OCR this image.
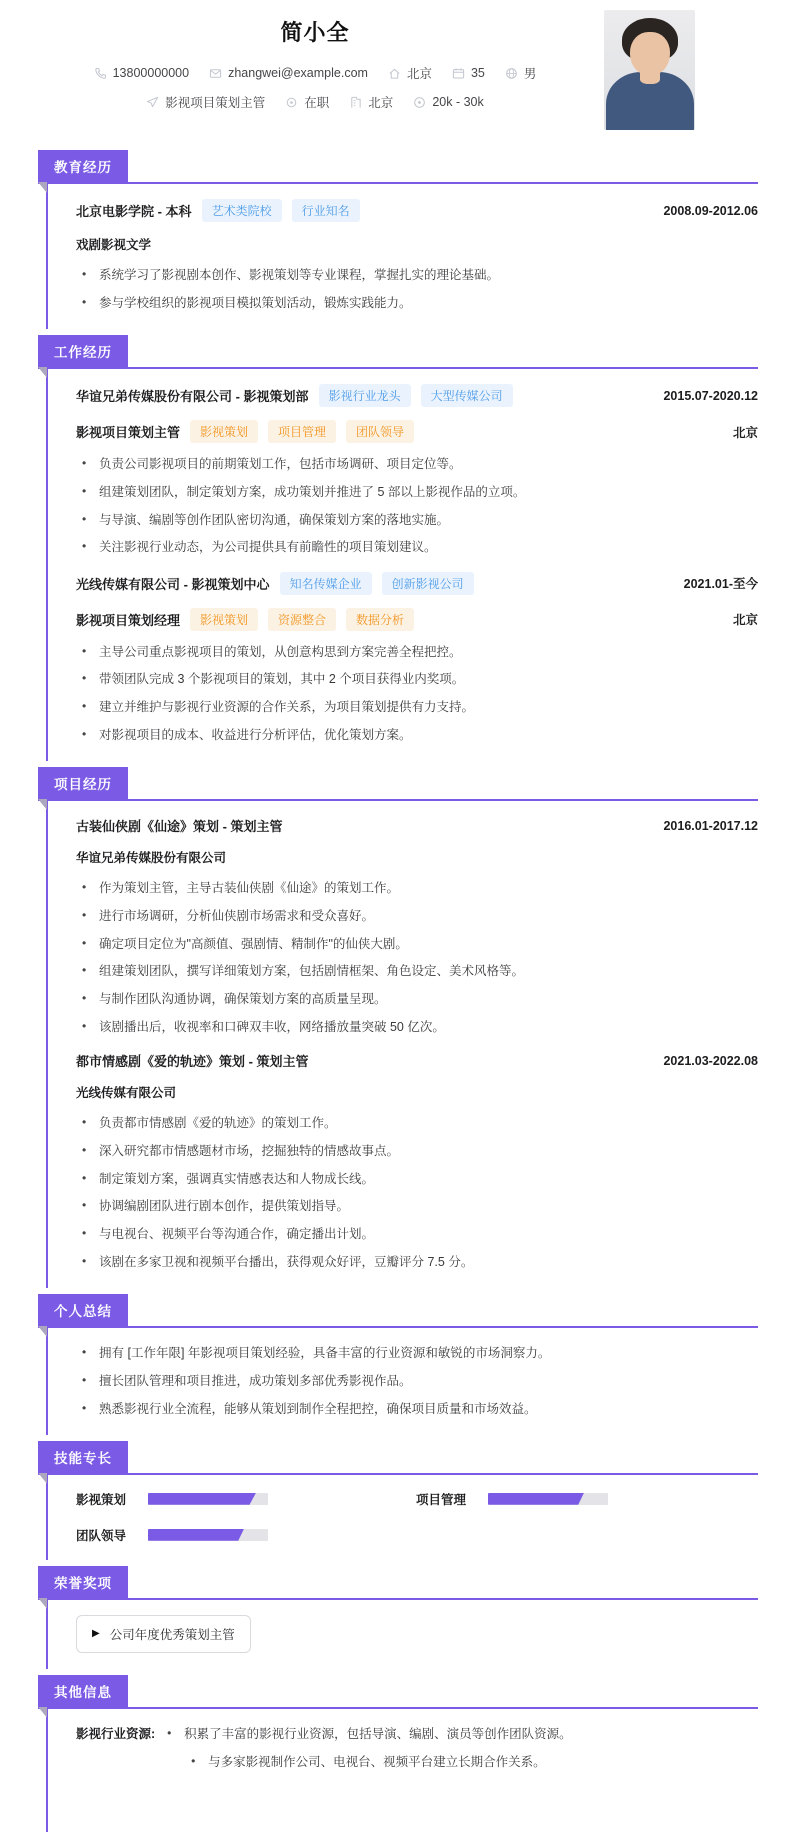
简小全
13800000000	zhangwei@example.com	北京	35	男
影视项目策划主管	在职	北京	20k - 30k
教育经历
北京电影学院 - 本科	艺术类院校	行业知名	2008.09-2012.06
戏剧影视文学
• 系统学习了影视剧本创作、影视策划等专业课程，掌握扎实的理论基础。
• 参与学校组织的影视项目模拟策划活动，锻炼实践能力。
工作经历
华谊兄弟传媒股份有限公司 - 影视策划部	影视行业龙头	大型传媒公司	2015.07-2020.12
影视项目策划主管	影视策划	项目管理	团队领导	北京
• 负责公司影视项目的前期策划工作，包括市场调研、项目定位等。
• 组建策划团队，制定策划方案，成功策划并推进了 5 部以上影视作品的立项。
• 与导演、编剧等创作团队密切沟通，确保策划方案的落地实施。
• 关注影视行业动态，为公司提供具有前瞻性的项目策划建议。
光线传媒有限公司 - 影视策划中心	知名传媒企业	创新影视公司	2021.01-至今
影视项目策划经理	影视策划	资源整合	数据分析	北京
• 主导公司重点影视项目的策划，从创意构思到方案完善全程把控。
• 带领团队完成 3 个影视项目的策划，其中 2 个项目获得业内奖项。
• 建立并维护与影视行业资源的合作关系，为项目策划提供有力支持。
• 对影视项目的成本、收益进行分析评估，优化策划方案。
项目经历
古装仙侠剧《仙途》策划 - 策划主管	2016.01-2017.12
华谊兄弟传媒股份有限公司
• 作为策划主管，主导古装仙侠剧《仙途》的策划工作。
• 进行市场调研，分析仙侠剧市场需求和受众喜好。
• 确定项目定位为"高颜值、强剧情、精制作"的仙侠大剧。
• 组建策划团队，撰写详细策划方案，包括剧情框架、角色设定、美术风格等。
• 与制作团队沟通协调，确保策划方案的高质量呈现。
• 该剧播出后，收视率和口碑双丰收，网络播放量突破 50 亿次。
都市情感剧《爱的轨迹》策划 - 策划主管	2021.03-2022.08
光线传媒有限公司
• 负责都市情感剧《爱的轨迹》的策划工作。
• 深入研究都市情感题材市场，挖掘独特的情感故事点。
• 制定策划方案，强调真实情感表达和人物成长线。
• 协调编剧团队进行剧本创作，提供策划指导。
• 与电视台、视频平台等沟通合作，确定播出计划。
• 该剧在多家卫视和视频平台播出，获得观众好评，豆瓣评分 7.5 分。
个人总结
• 拥有 [工作年限] 年影视项目策划经验，具备丰富的行业资源和敏锐的市场洞察力。
• 擅长团队管理和项目推进，成功策划多部优秀影视作品。
• 熟悉影视行业全流程，能够从策划到制作全程把控，确保项目质量和市场效益。
技能专长
影视策划	项目管理
团队领导
荣誉奖项
▶ 公司年度优秀策划主管
其他信息
影视行业资源:	• 积累了丰富的影视行业资源，包括导演、编剧、演员等创作团队资源。
• 与多家影视制作公司、电视台、视频平台建立长期合作关系。
